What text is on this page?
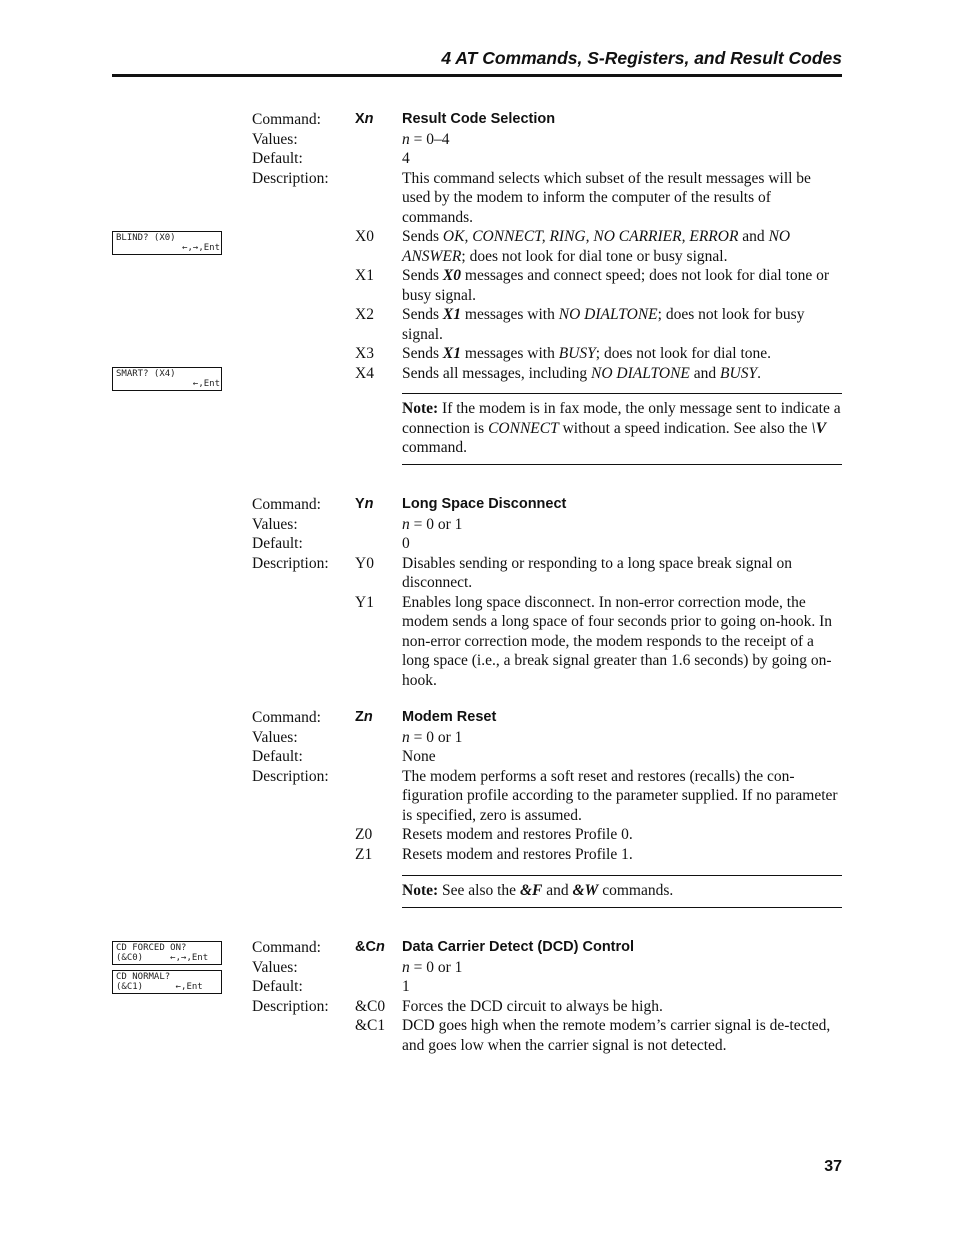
4 AT Commands, S-Registers, and Result Codes
BLIND? (X0)
←,→,Ent
SMART? (X4)
←,Ent
CD FORCED ON?
(&C0)     ←,→,Ent
CD NORMAL?
(&C1)      ←,Ent
Command:
Values:
Default:
Description:
Xn Result Code Selection
n = 0–4
4
This command selects which subset of the result messages will be used by the modem to inform the computer of the results of commands.
X0 Sends OK, CONNECT, RING, NO CARRIER, ERROR and NO ANSWER; does not look for dial tone or busy signal.
X1 Sends X0 messages and connect speed; does not look for dial tone or busy signal.
X2 Sends X1 messages with NO DIALTONE; does not look for busy signal.
X3 Sends X1 messages with BUSY; does not look for dial tone.
X4 Sends all messages, including NO DIALTONE and BUSY.
Note: If the modem is in fax mode, the only message sent to indicate a connection is CONNECT without a speed indication. See also the \V command.
Command:
Values:
Default:
Description:
Yn Long Space Disconnect
n = 0 or 1
0
Y0 Disables sending or responding to a long space break signal on disconnect.
Y1 Enables long space disconnect. In non-error correction mode, the modem sends a long space of four seconds prior to going on-hook. In non-error correction mode, the modem responds to the receipt of a long space (i.e., a break signal greater than 1.6 seconds) by going on-hook.
Command:
Values:
Default:
Description:
Zn Modem Reset
n = 0 or 1
None
The modem performs a soft reset and restores (recalls) the con-figuration profile according to the parameter supplied. If no parameter is specified, zero is assumed.
Z0 Resets modem and restores Profile 0.
Z1 Resets modem and restores Profile 1.
Note: See also the &F and &W commands.
Command:
Values:
Default:
Description:
&Cn Data Carrier Detect (DCD) Control
n = 0 or 1
1
&C0 Forces the DCD circuit to always be high.
&C1 DCD goes high when the remote modem’s carrier signal is de-tected, and goes low when the carrier signal is not detected.
37
